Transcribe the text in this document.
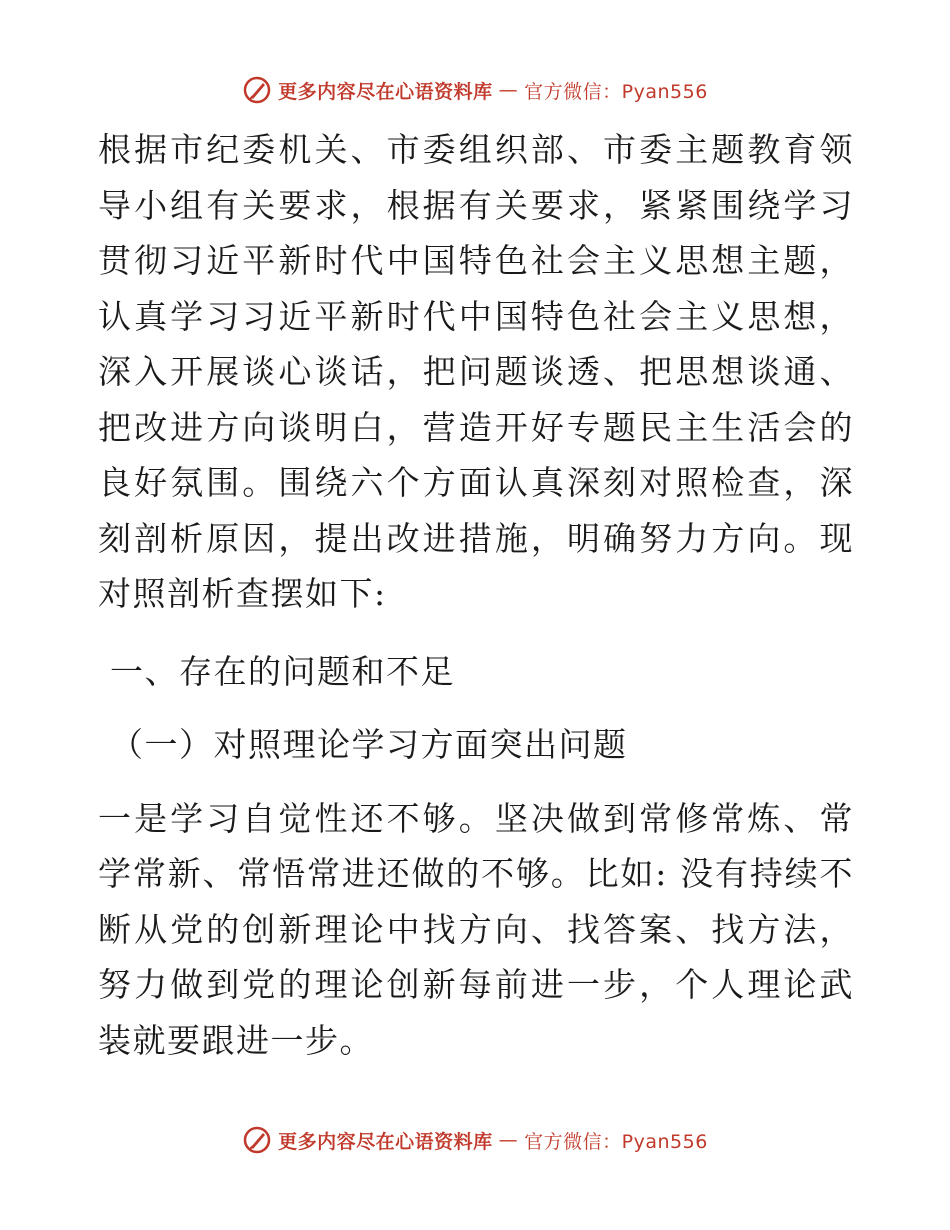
更多内容尽在心语资料库 — 官方微信：Pyan556

根据市纪委机关、市委组织部、市委主题教育领导小组有关要求，根据有关要求，紧紧围绕学习贯彻习近平新时代中国特色社会主义思想主题，认真学习习近平新时代中国特色社会主义思想，深入开展谈心谈话，把问题谈透、把思想谈通、把改进方向谈明白，营造开好专题民主生活会的良好氛围。围绕六个方面认真深刻对照检查，深刻剖析原因，提出改进措施，明确努力方向。现对照剖析查摆如下:

一、存在的问题和不足

（一）对照理论学习方面突出问题

一是学习自觉性还不够。坚决做到常修常炼、常学常新、常悟常进还做的不够。比如: 没有持续不断从党的创新理论中找方向、找答案、找方法，努力做到党的理论创新每前进一步，个人理论武装就要跟进一步。

更多内容尽在心语资料库 — 官方微信：Pyan556
